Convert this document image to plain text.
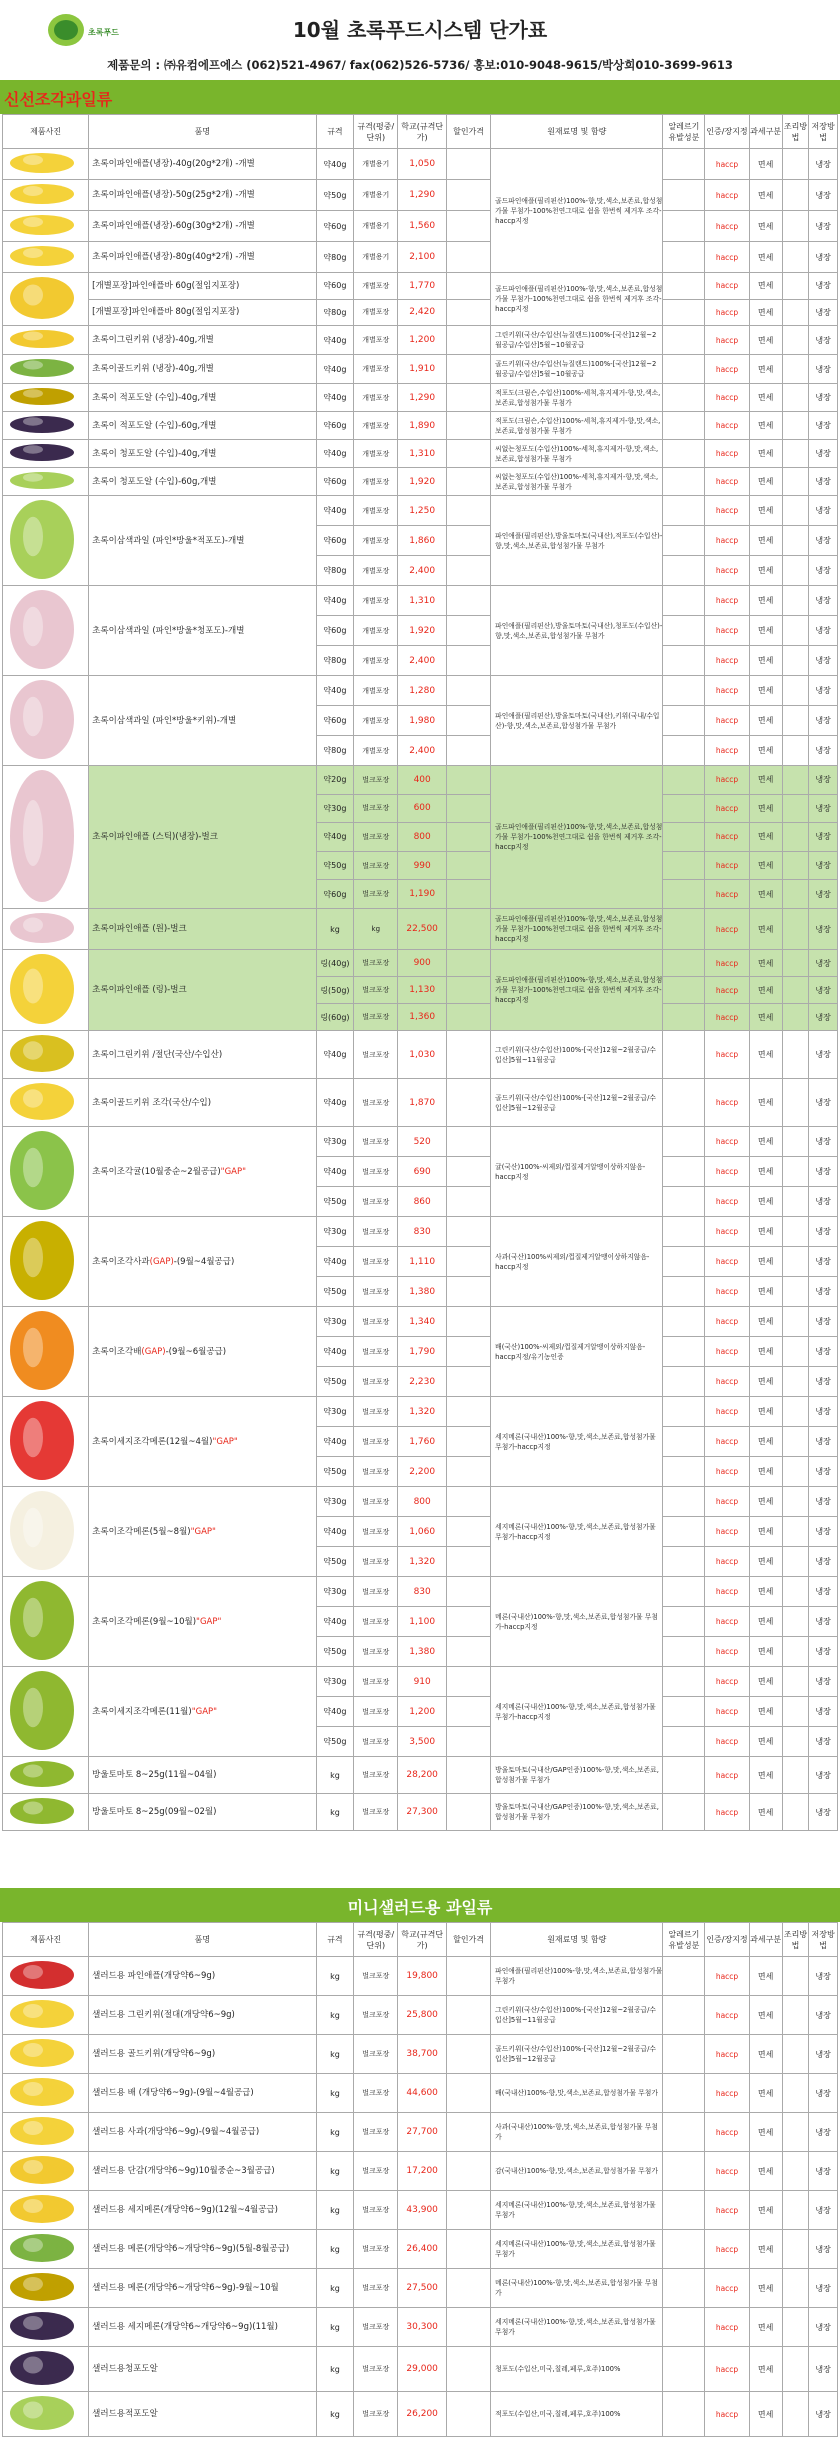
초록푸드	10월 초록푸드시스템 단가표
제품문의 : ㈜유컴에프에스 (062)521-4967/ fax(062)526-5736/ 홍보:010-9048-9615/박상희010-3699-9613
신선조각과일류
제품사진	품명	규격	규격(평중/단위)	학교(규격단가)	할인가격	원재료명 및 함량	알레르기 유발성분	인증/장지정	과세구분	조리방법	저장방법
	초록이파인애플(냉장)-40g(20g*2개) -개별	약40g	개별용기	1,050		골드파인애플(필리핀산)100%-향,맛,색소,보존료,합성첨가물 무첨가-100%천연그대로 쉼을 한번씩 제거후 조각-haccp지정		haccp	면세		냉장
	초록이파인애플(냉장)-50g(25g*2개) -개별	약50g	개별용기	1,290				haccp	면세		냉장
	초록이파인애플(냉장)-60g(30g*2개) -개별	약60g	개별용기	1,560				haccp	면세		냉장
	초록이파인애플(냉장)-80g(40g*2개) -개별	약80g	개별용기	2,100				haccp	면세		냉장
	[개별포장]파인애플바 60g(절임지포장)	약60g	개별포장	1,770		골드파인애플(필리핀산)100%-향,맛,색소,보존료,합성첨가물 무첨가-100%천연그대로 쉼을 한번씩 제거후 조각-haccp지정		haccp	면세		냉장
	[개별포장]파인애플바 80g(절임지포장)	약80g	개별포장	2,420				haccp	면세		냉장
	초록이그린키위 (냉장)-40g,개별	약40g	개별포장	1,200		그린키위(국산/수입산(뉴질랜드)100%-[국산]12월~2월공급/수입산]5월~10월공급		haccp	면세		냉장
	초록이골드키위 (냉장)-40g,개별	약40g	개별포장	1,910		골드키위(국산/수입산(뉴질랜드)100%-[국산]12월~2월공급/수입산]5월~10월공급		haccp	면세		냉장
	초록이 적포도알 (수입)-40g,개별	약40g	개별포장	1,290		적포도(크림슨,수입산)100%-세척,휴지제거-향,맛,색소,보존료,합성첨가물 무첨가		haccp	면세		냉장
	초록이 적포도알 (수입)-60g,개별	약60g	개별포장	1,890		적포도(크림슨,수입산)100%-세척,휴지제거-향,맛,색소,보존료,합성첨가물 무첨가		haccp	면세		냉장
	초록이 청포도알 (수입)-40g,개별	약40g	개별포장	1,310		씨없는청포도(수입산)100%-세척,휴지제거-향,맛,색소,보존료,합성첨가물 무첨가		haccp	면세		냉장
	초록이 청포도알 (수입)-60g,개별	약60g	개별포장	1,920		씨없는청포도(수입산)100%-세척,휴지제거-향,맛,색소,보존료,합성첨가물 무첨가		haccp	면세		냉장
	초록이삼색과일 (파인*방울*적포도)-개별	약40g	개별포장	1,250		파인애플(필리핀산),방울토마토(국내산),적포도(수입산)-향,맛,색소,보존료,합성첨가물 무첨가		haccp	면세		냉장
		약60g	개별포장	1,860				haccp	면세		냉장
		약80g	개별포장	2,400				haccp	면세		냉장
	초록이삼색과일 (파인*방울*청포도)-개별	약40g	개별포장	1,310		파인애플(필리핀산),방울토마토(국내산),청포도(수입산)-향,맛,색소,보존료,합성첨가물 무첨가		haccp	면세		냉장
		약60g	개별포장	1,920				haccp	면세		냉장
		약80g	개별포장	2,400				haccp	면세		냉장
	초록이삼색과일 (파인*방울*키위)-개별	약40g	개별포장	1,280		파인애플(필리핀산),방울토마토(국내산),키위(국내/수입산)-향,맛,색소,보존료,합성첨가물 무첨가		haccp	면세		냉장
		약60g	개별포장	1,980				haccp	면세		냉장
		약80g	개별포장	2,400				haccp	면세		냉장
	초록이파인애플 (스틱)(냉장)-벌크	약20g	벌크포장	400		골드파인애플(필리핀산)100%-향,맛,색소,보존료,합성첨가물 무첨가-100%천연그대로 쉼을 한번씩 제거후 조각-haccp지정		haccp	면세		냉장
		약30g	벌크포장	600				haccp	면세		냉장
		약40g	벌크포장	800				haccp	면세		냉장
		약50g	벌크포장	990				haccp	면세		냉장
		약60g	벌크포장	1,190				haccp	면세		냉장
	초록이파인애플 (원)-벌크	kg	kg	22,500		골드파인애플(필리핀산)100%-향,맛,색소,보존료,합성첨가물 무첨가-100%천연그대로 쉼을 한번씩 제거후 조각-haccp지정		haccp	면세		냉장
	초록이파인애플 (링)-벌크	링(40g)	벌크포장	900		골드파인애플(필리핀산)100%-향,맛,색소,보존료,합성첨가물 무첨가-100%천연그대로 쉼을 한번씩 제거후 조각-haccp지정		haccp	면세		냉장
		링(50g)	벌크포장	1,130				haccp	면세		냉장
		링(60g)	벌크포장	1,360				haccp	면세		냉장
	초록이그린키위 /절단(국산/수입산)	약40g	벌크포장	1,030		그린키위(국산/수입산)100%-[국산]12월~2월공급/수입산]5월~11월공급		haccp	면세		냉장
	초록이골드키위 조각(국산/수입)	약40g	벌크포장	1,870		골드키위(국산/수입산)100%-[국산]12월~2월공급/수입산]5월~12월공급		haccp	면세		냉장
	초록이조각귤(10월중순~2월공급)"GAP"	약30g	벌크포장	520		귤(국산)100%-씨제외/껍질제거알맹이상하지않음-haccp지정		haccp	면세		냉장
		약40g	벌크포장	690				haccp	면세		냉장
		약50g	벌크포장	860				haccp	면세		냉장
	초록이조각사과(GAP)-(9월~4월공급)	약30g	벌크포장	830		사과(국산)100%씨제외/껍질제거알맹이상하지않음-haccp지정		haccp	면세		냉장
		약40g	벌크포장	1,110				haccp	면세		냉장
		약50g	벌크포장	1,380				haccp	면세		냉장
	초록이조각배(GAP)-(9월~6월공급)	약30g	벌크포장	1,340		배(국산)100%-씨제외/껍질제거알맹이상하지않음-haccp지정/유기농인증		haccp	면세		냉장
		약40g	벌크포장	1,790				haccp	면세		냉장
		약50g	벌크포장	2,230				haccp	면세		냉장
	초록이세지조각메론(12월~4월)"GAP"	약30g	벌크포장	1,320		세지메론(국내산)100%-향,맛,색소,보존료,합성첨가물 무첨가-haccp지정		haccp	면세		냉장
		약40g	벌크포장	1,760				haccp	면세		냉장
		약50g	벌크포장	2,200				haccp	면세		냉장
	초록이조각메론(5월~8월)"GAP"	약30g	벌크포장	800		세지메론(국내산)100%-향,맛,색소,보존료,합성첨가물 무첨가-haccp지정		haccp	면세		냉장
		약40g	벌크포장	1,060				haccp	면세		냉장
		약50g	벌크포장	1,320				haccp	면세		냉장
	초록이조각메론(9월~10월)"GAP"	약30g	벌크포장	830		메론(국내산)100%-향,맛,색소,보존료,합성첨가물 무첨가-haccp지정		haccp	면세		냉장
		약40g	벌크포장	1,100				haccp	면세		냉장
		약50g	벌크포장	1,380				haccp	면세		냉장
	초록이세지조각메론(11월)"GAP"	약30g	벌크포장	910		세지메론(국내산)100%-향,맛,색소,보존료,합성첨가물 무첨가-haccp지정		haccp	면세		냉장
		약40g	벌크포장	1,200				haccp	면세		냉장
		약50g	벌크포장	3,500				haccp	면세		냉장
	방울토마토 8~25g(11월~04월)	kg	벌크포장	28,200		방울토마토(국내산/GAP인증)100%-향,맛,색소,보존료,합성첨가물 무첨가		haccp	면세		냉장
	방울토마토 8~25g(09월~02월)	kg	벌크포장	27,300		방울토마토(국내산/GAP인증)100%-향,맛,색소,보존료,합성첨가물 무첨가		haccp	면세		냉장
미니샐러드용 과일류
제품사진	품명	규격	규격(평중/단위)	학교(규격단가)	할인가격	원재료명 및 함량	알레르기 유발성분	인증/장지정	과세구분	조리방법	저장방법
	샐러드용 파인애플(개당약6~9g)	kg	벌크포장	19,800		파인애플(필리핀산)100%-향,맛,색소,보존료,합성첨가물 무첨가		haccp	면세		냉장
	샐러드용 그린키위(절대(개당약6~9g)	kg	벌크포장	25,800		그린키위(국산/수입산)100%-[국산]12월~2월공급/수입산]5월~11월공급		haccp	면세		냉장
	샐러드용 골드키위(개당약6~9g)	kg	벌크포장	38,700		골드키위(국산/수입산)100%-[국산]12월~2월공급/수입산]5월~12월공급		haccp	면세		냉장
	샐러드용 배 (개당약6~9g)-(9월~4월공급)	kg	벌크포장	44,600		배(국내산)100%-향,맛,색소,보존료,합성첨가물 무첨가		haccp	면세		냉장
	샐러드용 사과(개당약6~9g)-(9월~4월공급)	kg	벌크포장	27,700		사과(국내산)100%-향,맛,색소,보존료,합성첨가물 무첨가		haccp	면세		냉장
	샐러드용 단감(개당약6~9g)10월중순~3월공급)	kg	벌크포장	17,200		감(국내산)100%-향,맛,색소,보존료,합성첨가물 무첨가		haccp	면세		냉장
	샐러드용 세지메론(개당약6~9g)(12월~4월공급)	kg	벌크포장	43,900		세지메론(국내산)100%-향,맛,색소,보존료,합성첨가물 무첨가		haccp	면세		냉장
	샐러드용 메론(개당약6~개당약6~9g)(5월-8월공급)	kg	벌크포장	26,400		세지메론(국내산)100%-향,맛,색소,보존료,합성첨가물 무첨가		haccp	면세		냉장
	샐러드용 메론(개당약6~개당약6~9g)-9월~10월	kg	벌크포장	27,500		메론(국내산)100%-향,맛,색소,보존료,합성첨가물 무첨가		haccp	면세		냉장
	샐러드용 세지메론(개당약6~개당약6~9g)(11월)	kg	벌크포장	30,300		세지메론(국내산)100%-향,맛,색소,보존료,합성첨가물 무첨가		haccp	면세		냉장
	샐러드용청포도알	kg	벌크포장	29,000		청포도(수입산,미국,칠레,페루,호주)100%		haccp	면세		냉장
	샐러드용적포도알	kg	벌크포장	26,200		적포도(수입산,미국,칠레,페루,호주)100%		haccp	면세		냉장
